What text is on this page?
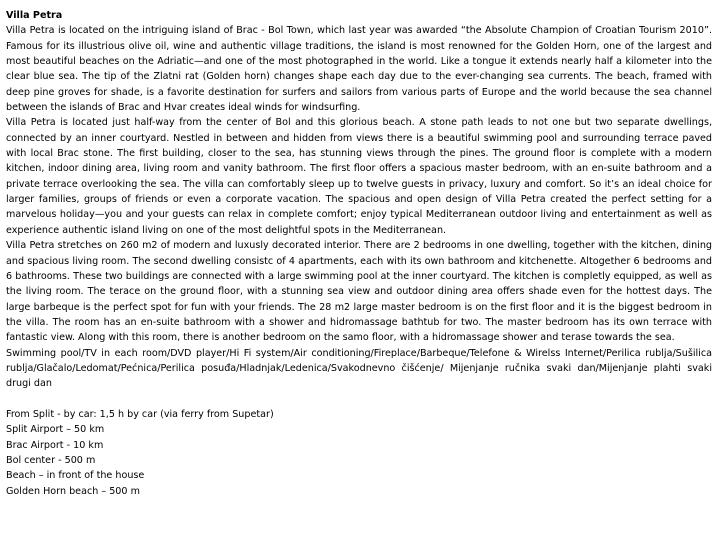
Villa Petra

Villa Petra is located on the intriguing island of Brac - Bol Town, which last year was awarded “the Absolute Champion of Croatian Tourism 2010”. Famous for its illustrious olive oil, wine and authentic village traditions, the island is most renowned for the Golden Horn, one of the largest and most beautiful beaches on the Adriatic—and one of the most photographed in the world. Like a tongue it extends nearly half a kilometer into the clear blue sea. The tip of the Zlatni rat (Golden horn) changes shape each day due to the ever-changing sea currents. The beach, framed with deep pine groves for shade, is a favorite destination for surfers and sailors from various parts of Europe and the world because the sea channel between the islands of Brac and Hvar creates ideal winds for windsurfing.

Villa Petra is located just half-way from the center of Bol and this glorious beach. A stone path leads to not one but two separate dwellings, connected by an inner courtyard. Nestled in between and hidden from views there is a beautiful swimming pool and surrounding terrace paved with local Brac stone. The first building, closer to the sea, has stunning views through the pines. The ground floor is complete with a modern kitchen, indoor dining area, living room and vanity bathroom. The first floor offers a spacious master bedroom, with an en-suite bathroom and a private terrace overlooking the sea. The villa can comfortably sleep up to twelve guests in privacy, luxury and comfort. So it’s an ideal choice for larger families, groups of friends or even a corporate vacation. The spacious and open design of Villa Petra created the perfect setting for a marvelous holiday—you and your guests can relax in complete comfort; enjoy typical Mediterranean outdoor living and entertainment as well as experience authentic island living on one of the most delightful spots in the Mediterranean.

Villa Petra stretches on 260 m2 of modern and luxusly decorated interior. There are 2 bedrooms in one dwelling, together with the kitchen, dining and spacious living room. The second dwelling consistc of 4 apartments, each with its own bathroom and kitchenette. Altogether 6 bedrooms and 6 bathrooms. These two buildings are connected with a large swimming pool at the inner courtyard. The kitchen is completly equipped, as well as the living room. The terace on the ground floor, with a stunning sea view and outdoor dining area offers shade even for the hottest days. The large barbeque is the perfect spot for fun with your friends. The 28 m2 large master bedroom is on the first floor and it is the biggest bedroom in the villa. The room has an en-suite bathroom with a shower and hidromassage bathtub for two. The master bedroom has its own terrace with fantastic view. Along with this room, there is another bedroom on the samo floor, with a hidromassage shower and terase towards the sea.

Swimming pool/TV in each room/DVD player/Hi Fi system/Air conditioning/Fireplace/Barbeque/Telefone & Wirelss Internet/Perilica rublja/Sušilica rublja/Glačalo/Ledomat/Pećnica/Perilica posuđa/Hladnjak/Ledenica/Svakodnevno čišćenje/ Mijenjanje ručnika svaki dan/Mijenjanje plahti svaki drugi dan

From Split - by car: 1,5 h by car (via ferry from Supetar)

Split Airport – 50 km

Brac Airport - 10 km

Bol center - 500 m

Beach – in front of the house

Golden Horn beach – 500 m
